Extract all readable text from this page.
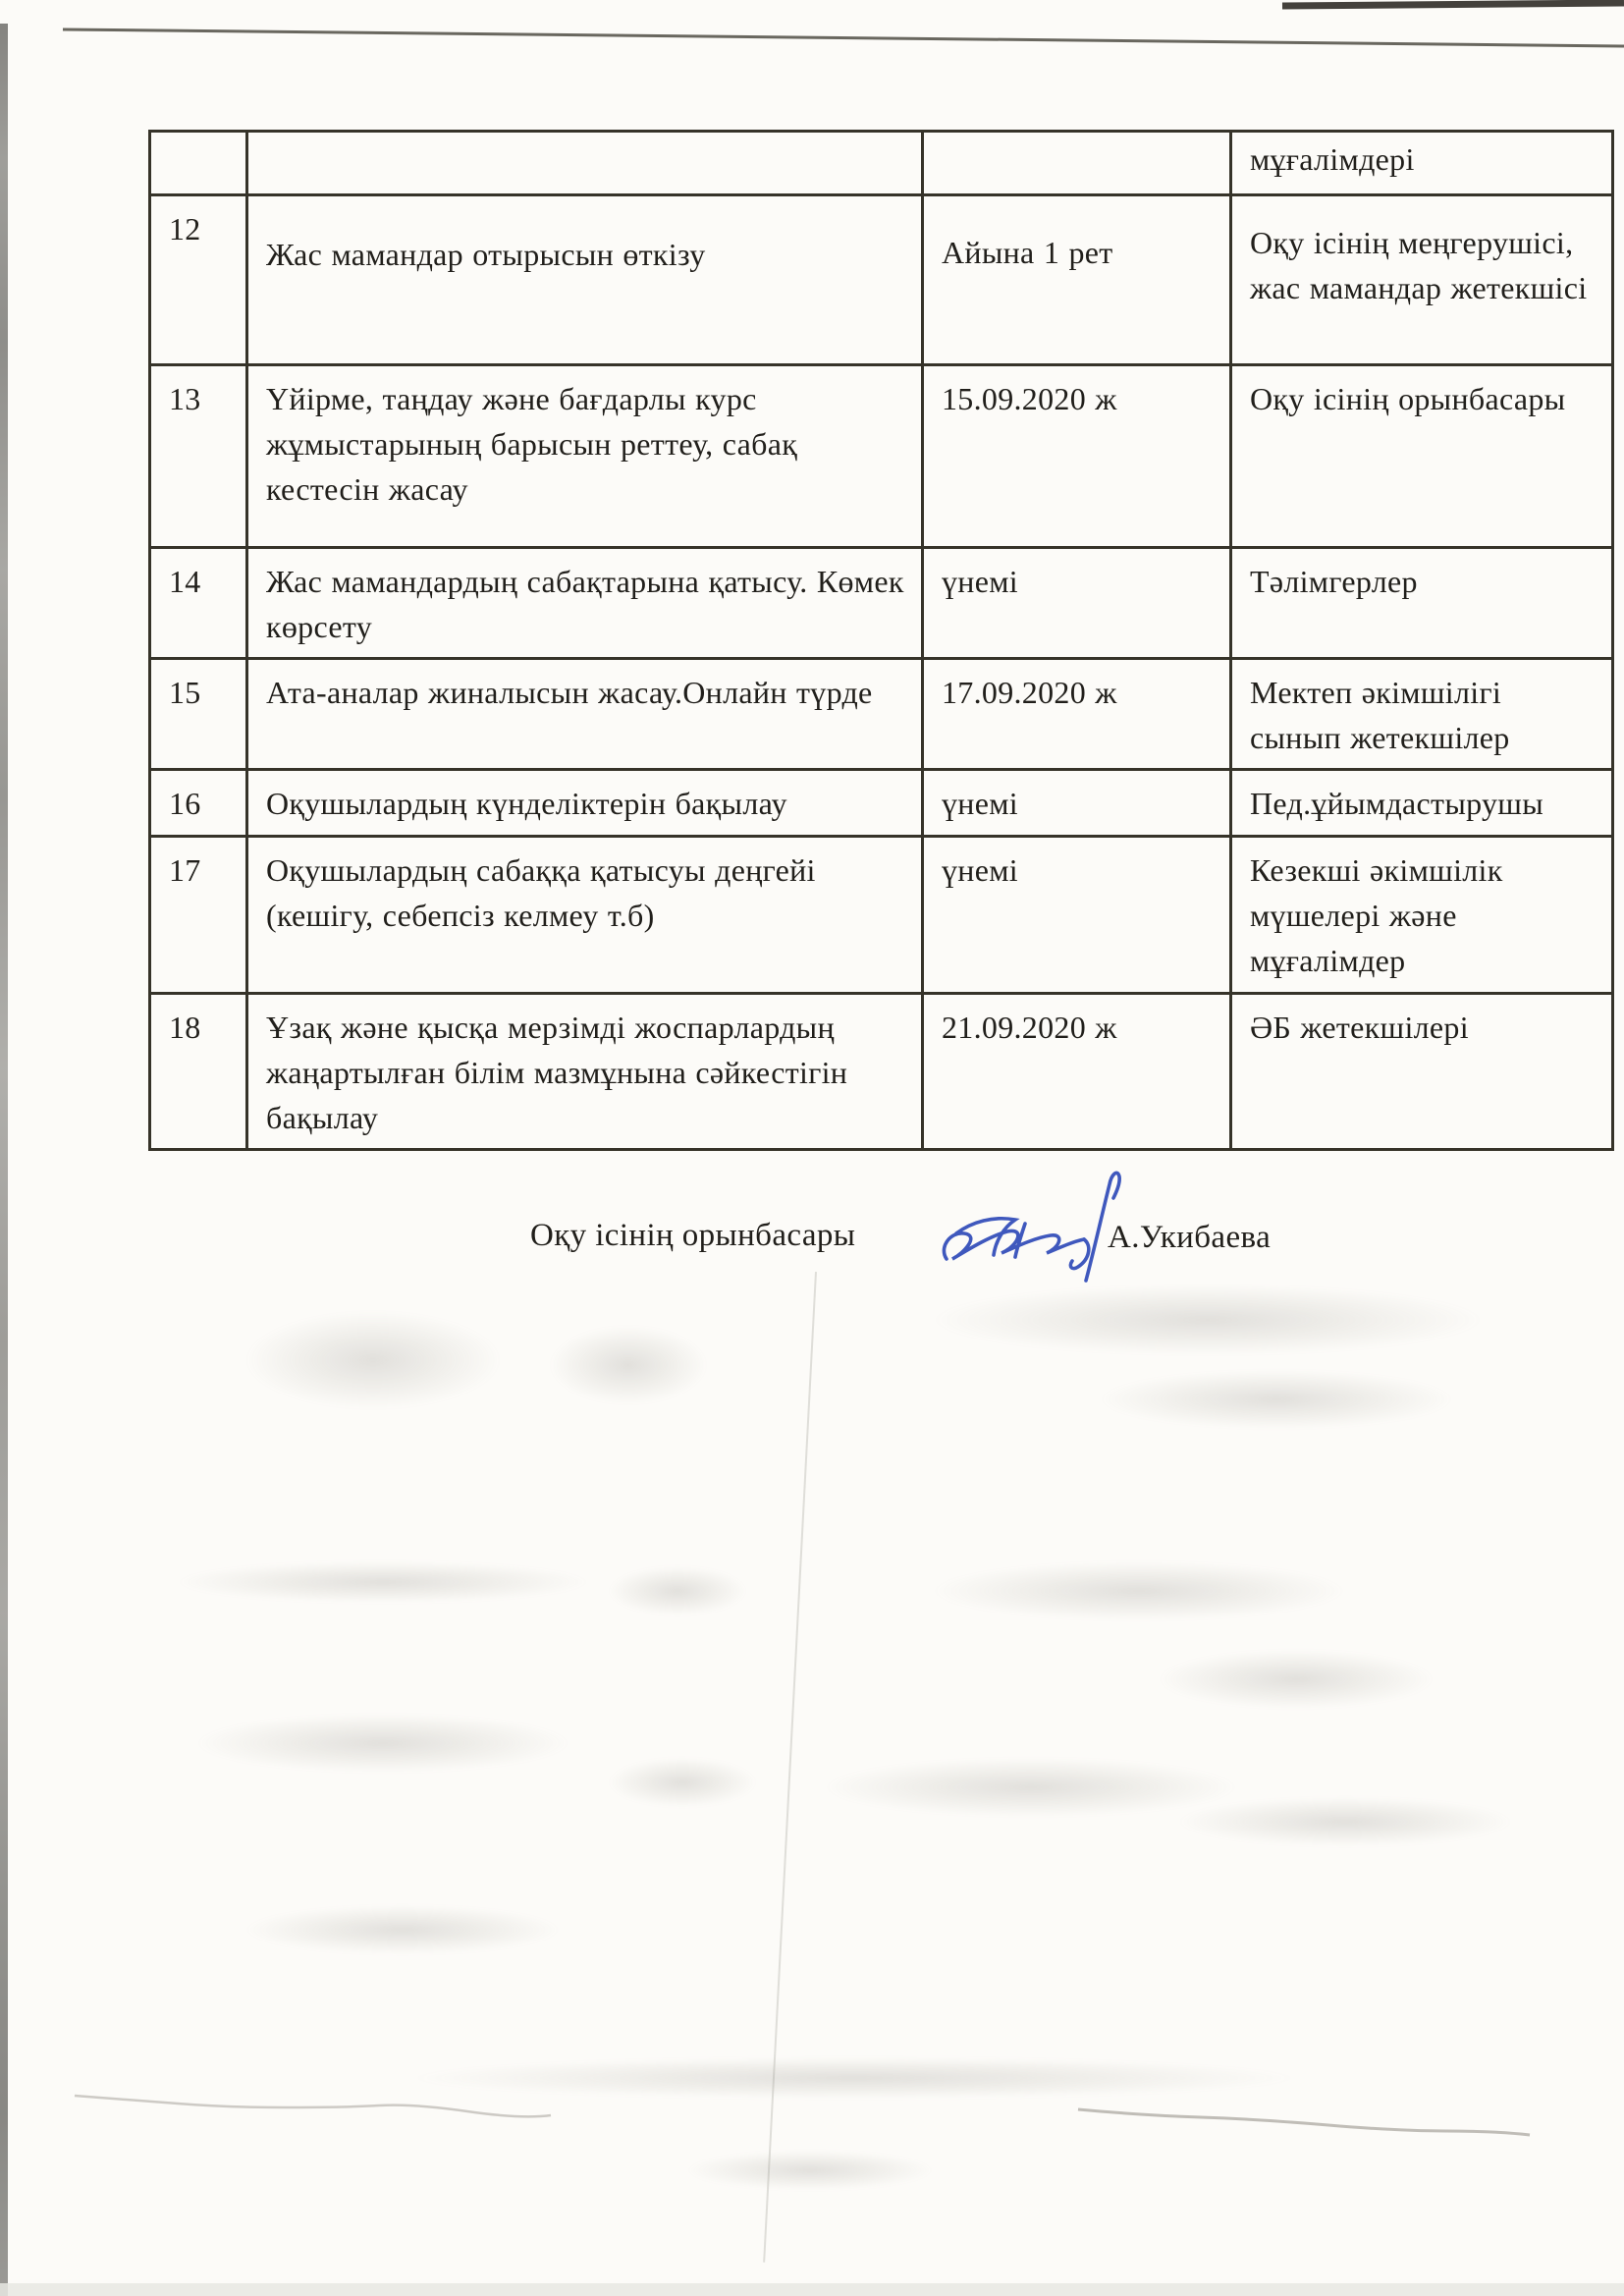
			мұғалімдері
12	Жас мамандар отырысын өткізу	Айына 1 рет	Оқу ісінің меңгерушісі, жас мамандар жетекшісі
13	Үйірме, таңдау және бағдарлы курс жұмыстарының барысын реттеу, сабақ кестесін жасау	15.09.2020 ж	Оқу ісінің орынбасары
14	Жас мамандардың сабақтарына қатысу. Көмек көрсету	үнемі	Тәлімгерлер
15	Ата-аналар жиналысын жасау.Онлайн түрде	17.09.2020 ж	Мектеп әкімшілігі сынып жетекшілер
16	Оқушылардың күнделіктерін бақылау	үнемі	Пед.ұйымдастырушы
17	Оқушылардың сабаққа қатысуы деңгейі (кешігу, себепсіз келмеу т.б)	үнемі	Кезекші әкімшілік мүшелері және мұғалімдер
18	Ұзақ және қысқа мерзімді жоспарлардың жаңартылған білім мазмұнына сәйкестігін бақылау	21.09.2020 ж	ӘБ жетекшілері
Оқу ісінің орынбасары	А.Укибаева
